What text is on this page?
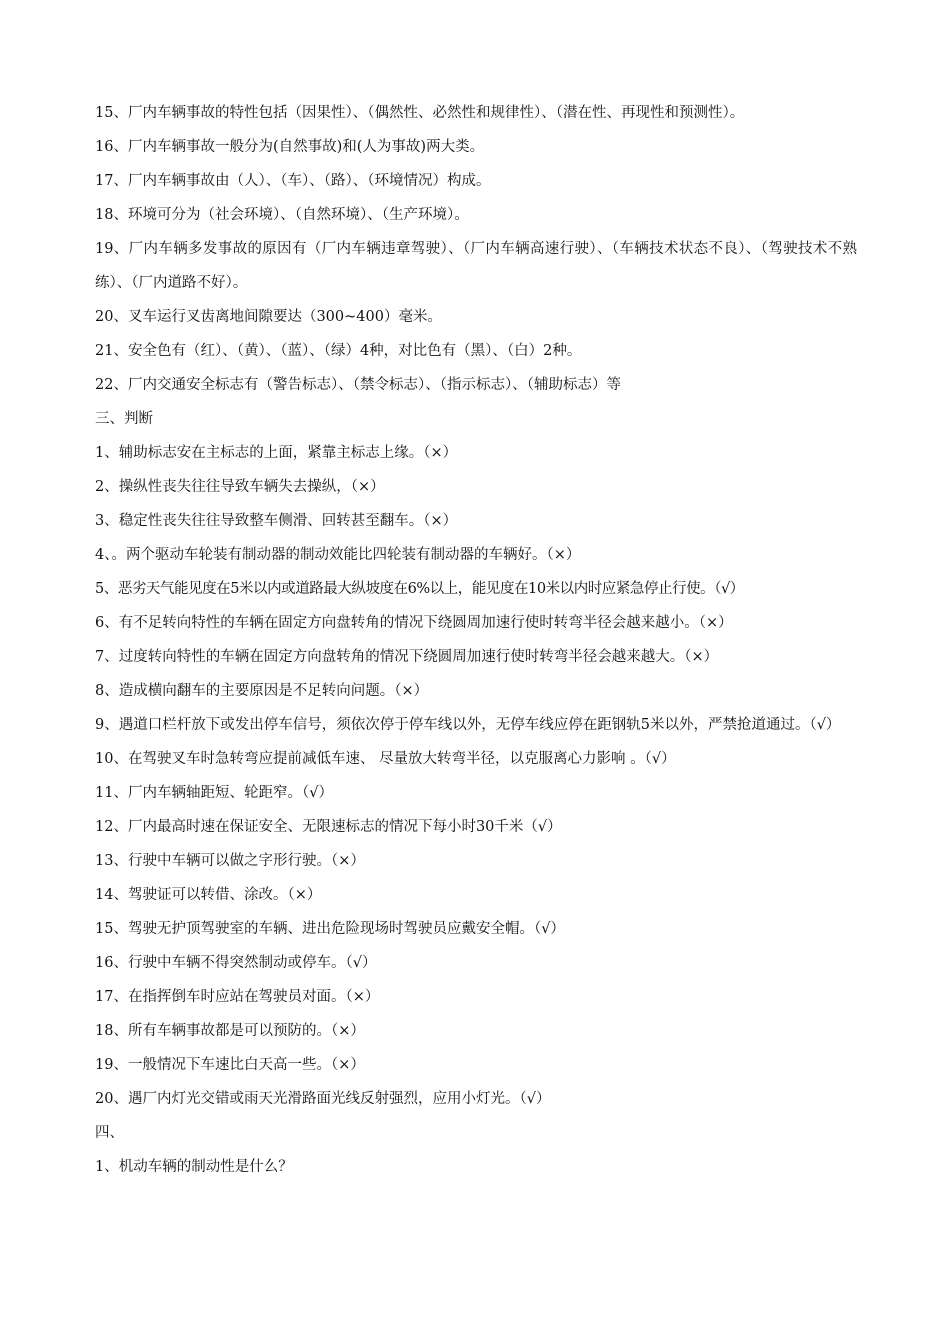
15、厂内车辆事故的特性包括（因果性）、（偶然性、必然性和规律性）、（潜在性、再现性和预测性）。
16、厂内车辆事故一般分为(自然事故)和(人为事故)两大类。
17、厂内车辆事故由（人）、（车）、（路）、（环境情况）构成。
18、环境可分为（社会环境）、（自然环境）、（生产环境）。
19、厂内车辆多发事故的原因有（厂内车辆违章驾驶）、（厂内车辆高速行驶）、（车辆技术状态不良）、（驾驶技术不熟练）、（厂内道路不好）。
20、叉车运行叉齿离地间隙要达（300~400）毫米。
21、安全色有（红）、（黄）、（蓝）、（绿）4种，对比色有（黑）、（白）2种。
22、厂内交通安全标志有（警告标志）、（禁令标志）、（指示标志）、（辅助标志）等
三、判断
1、辅助标志安在主标志的上面，紧靠主标志上缘。（×）
2、操纵性丧失往往导致车辆失去操纵，（×）
3、稳定性丧失往往导致整车侧滑、回转甚至翻车。（×）
4、。两个驱动车轮装有制动器的制动效能比四轮装有制动器的车辆好。（×）
5、恶劣天气能见度在5米以内或道路最大纵坡度在6%以上，能见度在10米以内时应紧急停止行使。（√）
6、有不足转向特性的车辆在固定方向盘转角的情况下绕圆周加速行使时转弯半径会越来越小。（×）
7、过度转向特性的车辆在固定方向盘转角的情况下绕圆周加速行使时转弯半径会越来越大。（×）
8、造成横向翻车的主要原因是不足转向问题。（×）
9、遇道口栏杆放下或发出停车信号，须依次停于停车线以外，无停车线应停在距钢轨5米以外，严禁抢道通过。（√）
10、在驾驶叉车时急转弯应提前减低车速、 尽量放大转弯半径，以克服离心力影响 。（√）
11、厂内车辆轴距短、轮距窄。（√）
12、厂内最高时速在保证安全、无限速标志的情况下每小时30千米（√）
13、行驶中车辆可以做之字形行驶。（×）
14、驾驶证可以转借、涂改。（×）
15、驾驶无护顶驾驶室的车辆、进出危险现场时驾驶员应戴安全帽。（√）
16、行驶中车辆不得突然制动或停车。（√）
17、在指挥倒车时应站在驾驶员对面。（×）
18、所有车辆事故都是可以预防的。（×）
19、一般情况下车速比白天高一些。（×）
20、遇厂内灯光交错或雨天光滑路面光线反射强烈，应用小灯光。（√）
四、
1、机动车辆的制动性是什么？
